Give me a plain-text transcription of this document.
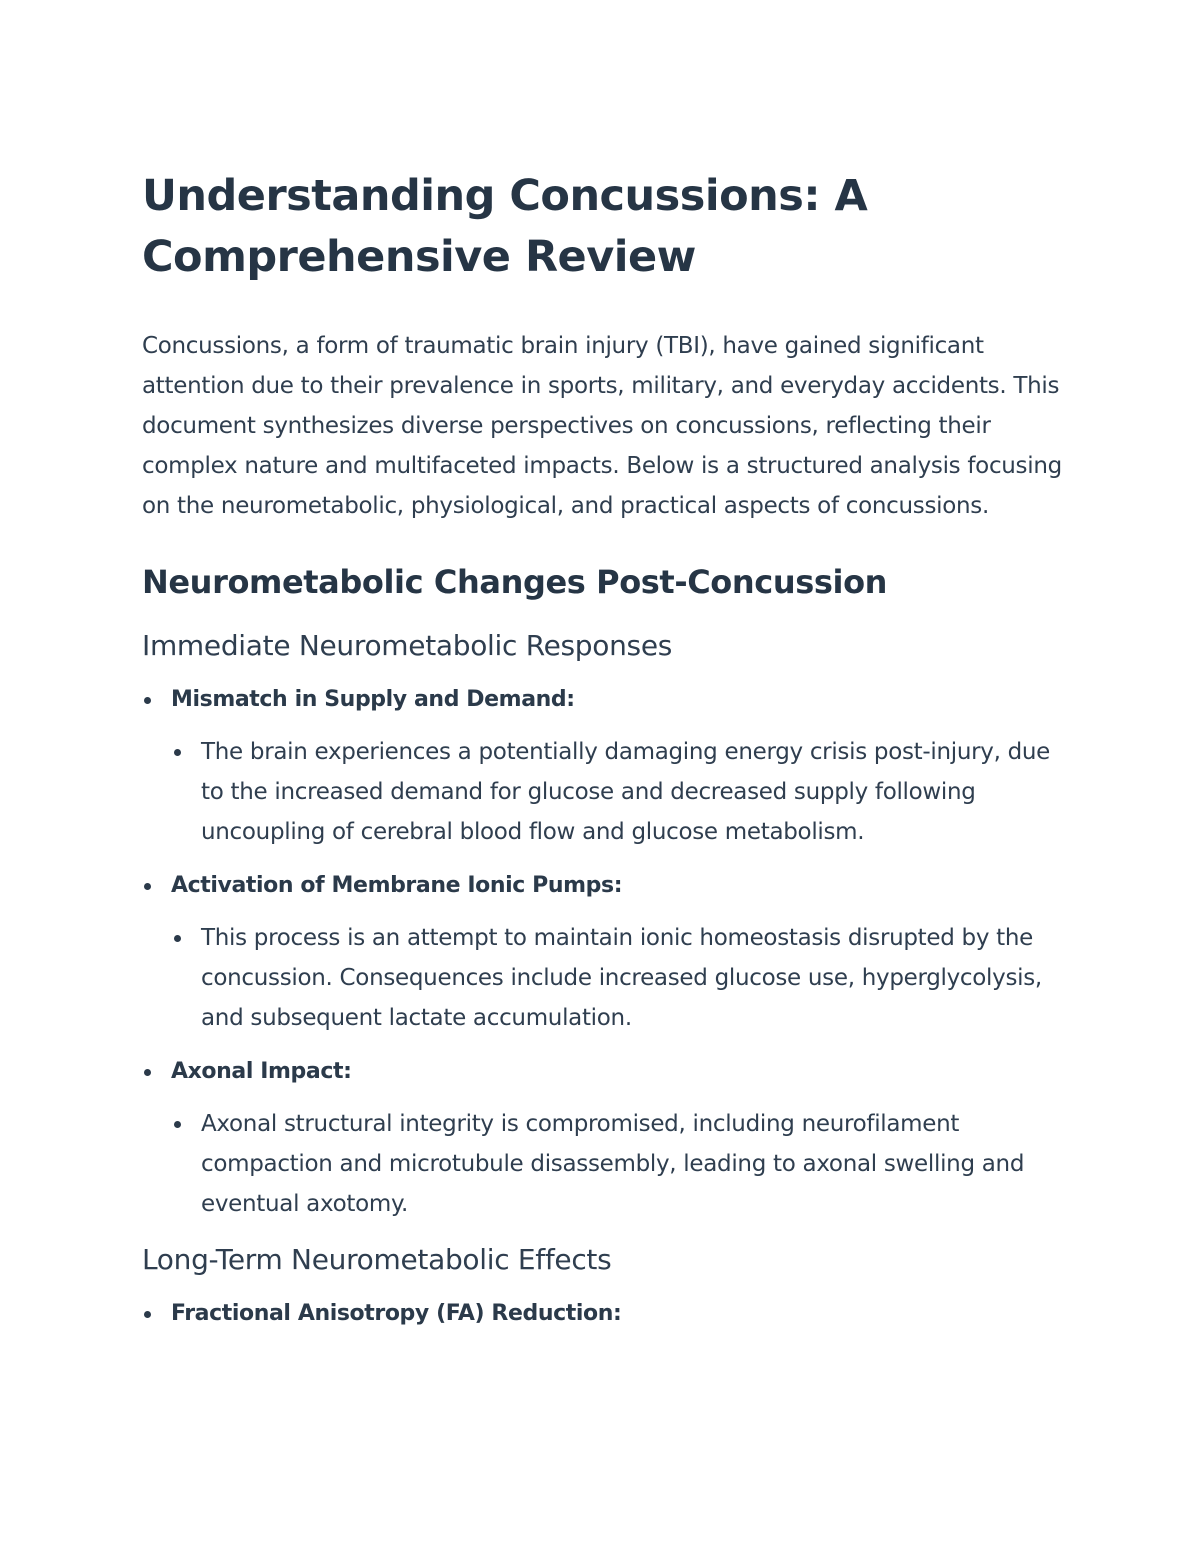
Understanding Concussions: A Comprehensive Review

Concussions, a form of traumatic brain injury (TBI), have gained significant attention due to their prevalence in sports, military, and everyday accidents. This document synthesizes diverse perspectives on concussions, reflecting their complex nature and multifaceted impacts. Below is a structured analysis focusing on the neurometabolic, physiological, and practical aspects of concussions.

Neurometabolic Changes Post-Concussion
Immediate Neurometabolic Responses
Mismatch in Supply and Demand:
The brain experiences a potentially damaging energy crisis post-injury, due to the increased demand for glucose and decreased supply following uncoupling of cerebral blood flow and glucose metabolism.
Activation of Membrane Ionic Pumps:
This process is an attempt to maintain ionic homeostasis disrupted by the concussion. Consequences include increased glucose use, hyperglycolysis, and subsequent lactate accumulation.
Axonal Impact:
Axonal structural integrity is compromised, including neurofilament compaction and microtubule disassembly, leading to axonal swelling and eventual axotomy.
Long-Term Neurometabolic Effects
Fractional Anisotropy (FA) Reduction:
